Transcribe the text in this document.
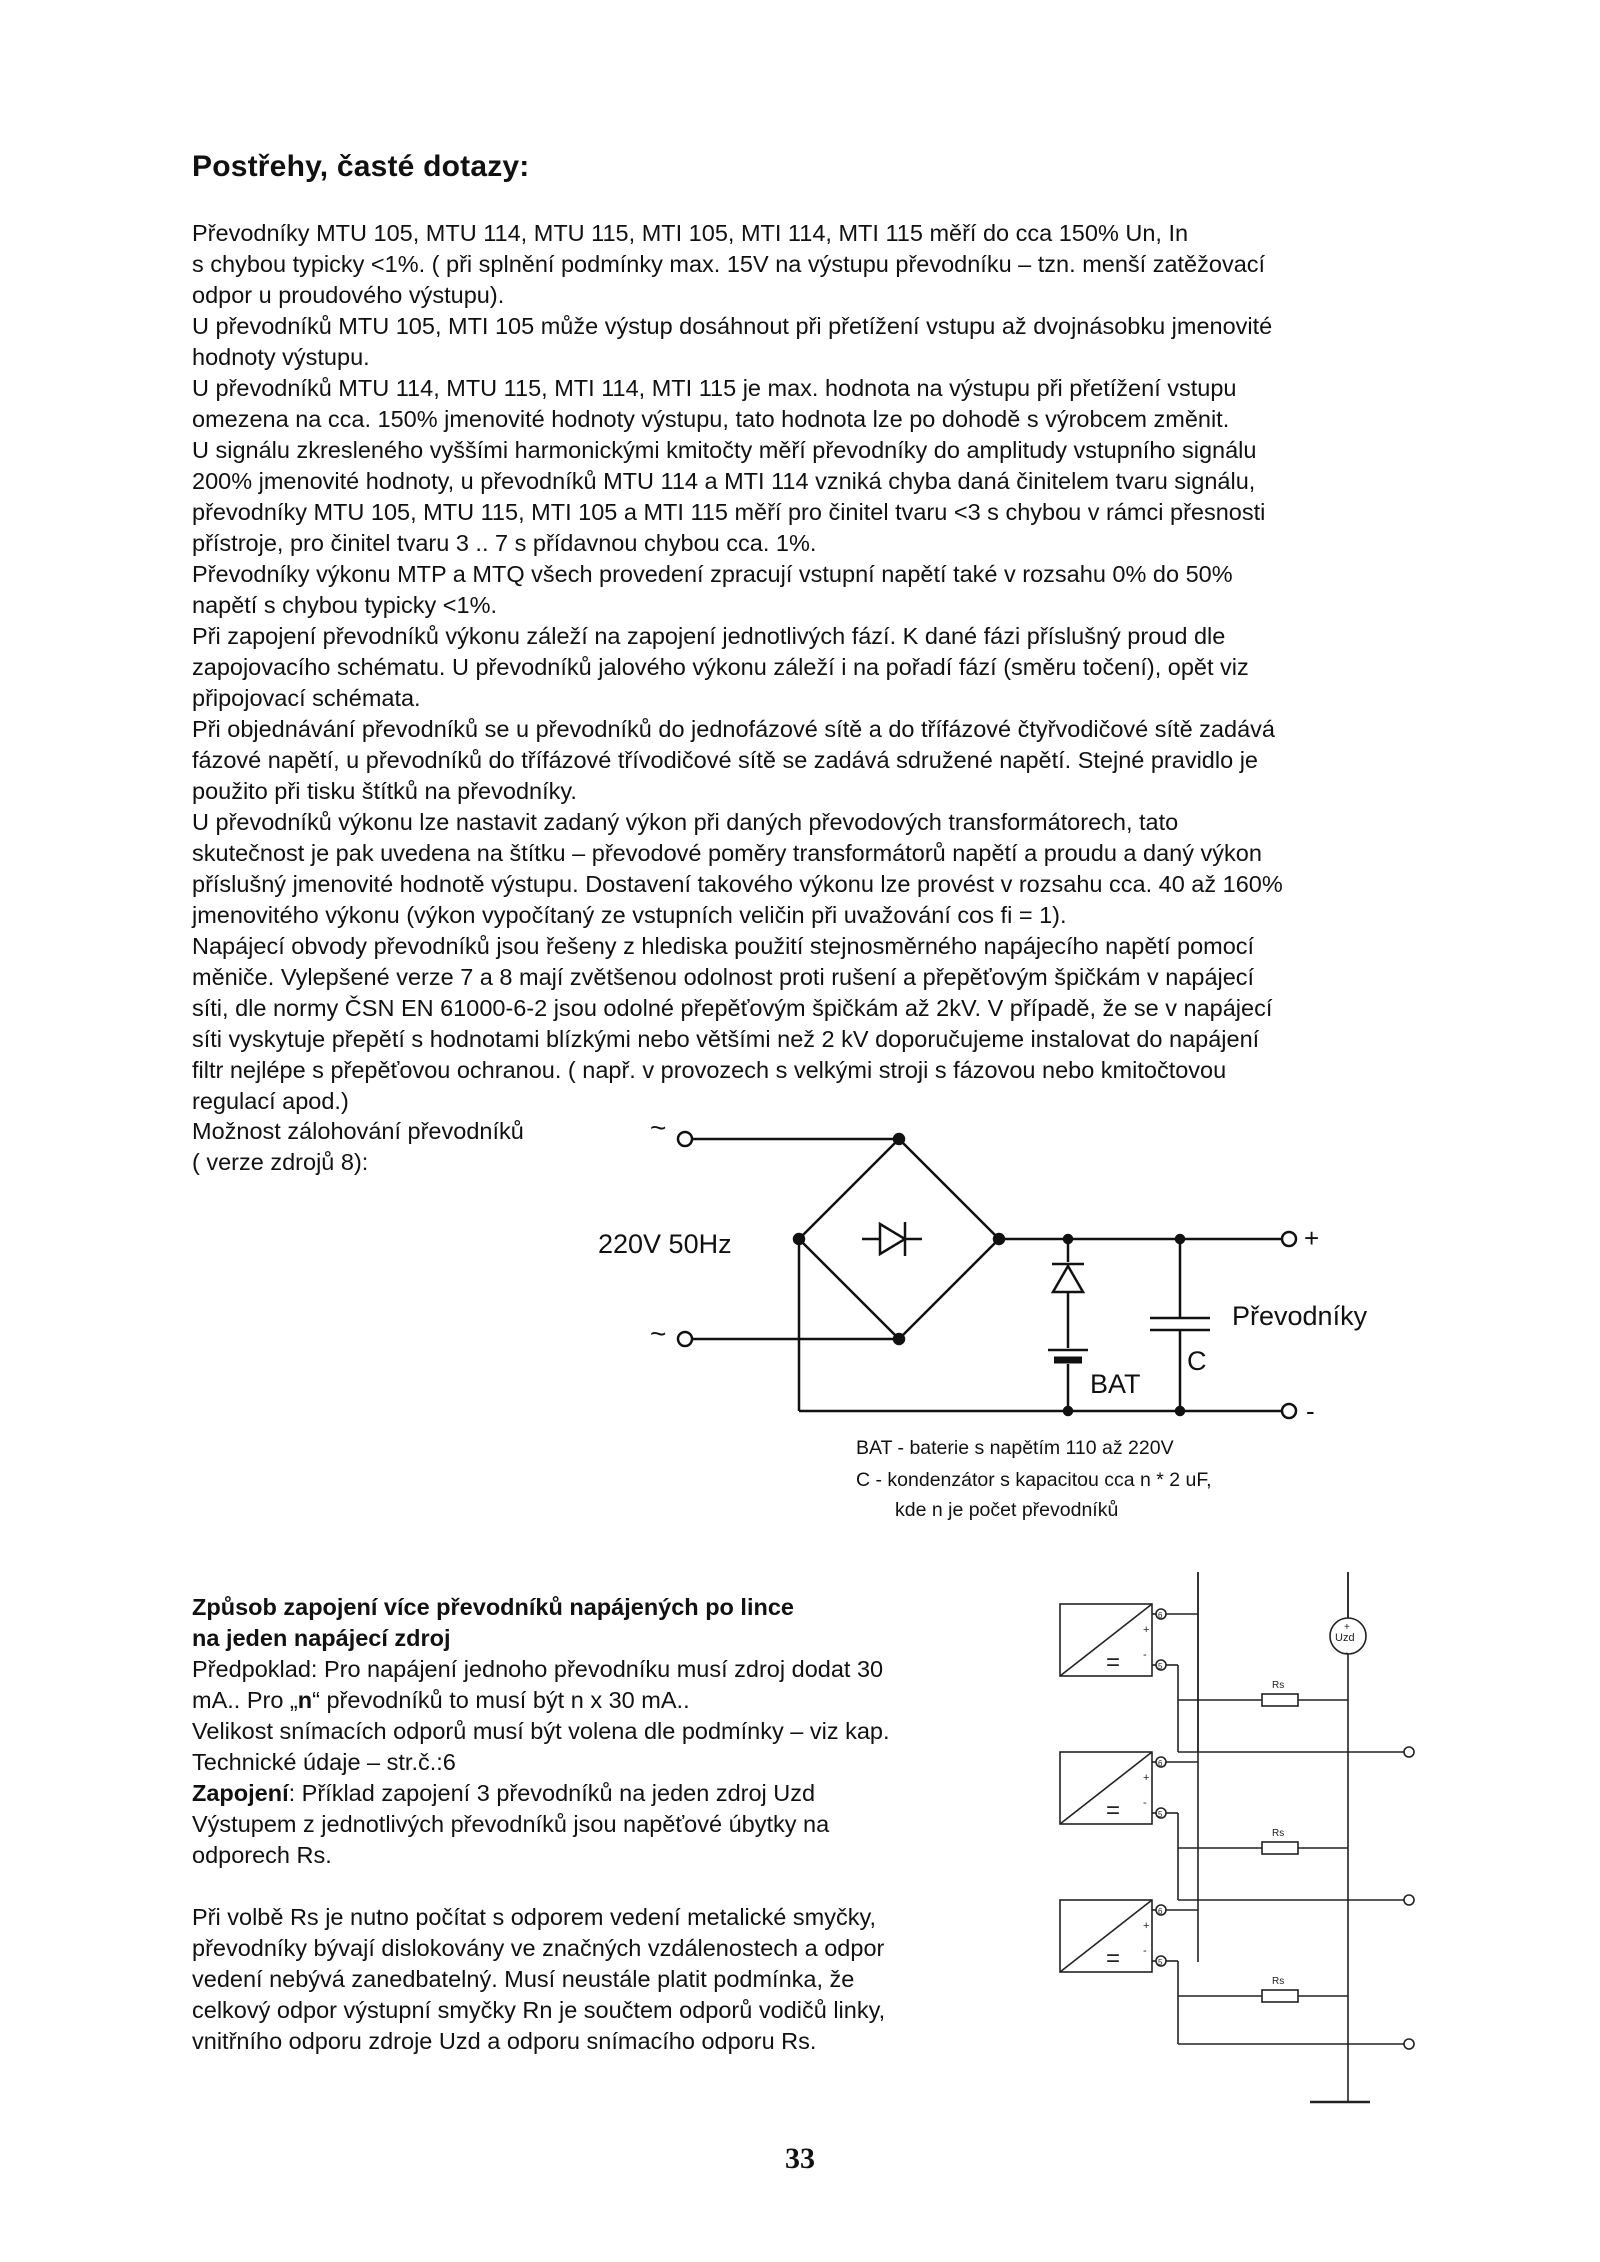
Postřehy, časté dotazy:

Převodníky MTU 105, MTU 114, MTU 115, MTI 105, MTI 114, MTI 115 měří do cca 150% Un, In

s chybou typicky <1%. ( při splnění podmínky max. 15V na výstupu převodníku – tzn. menší zatěžovací

odpor u proudového výstupu).

U převodníků MTU 105, MTI 105 může výstup dosáhnout při přetížení vstupu až dvojnásobku jmenovité

hodnoty výstupu.

U převodníků MTU 114, MTU 115, MTI 114, MTI 115 je max. hodnota na výstupu při přetížení vstupu

omezena na cca. 150% jmenovité hodnoty výstupu, tato hodnota lze po dohodě s výrobcem změnit.

U signálu zkresleného vyššími harmonickými kmitočty měří převodníky do amplitudy vstupního signálu

200% jmenovité hodnoty, u převodníků MTU 114 a MTI 114 vzniká chyba daná činitelem tvaru signálu,

převodníky MTU 105, MTU 115, MTI 105 a MTI 115 měří pro činitel tvaru <3 s chybou v rámci přesnosti

přístroje, pro činitel tvaru 3 .. 7 s přídavnou chybou cca. 1%.

Převodníky výkonu MTP a MTQ všech provedení zpracují vstupní napětí také v rozsahu 0% do 50%

napětí s chybou typicky <1%.

Při zapojení převodníků výkonu záleží na zapojení jednotlivých fází. K dané fázi příslušný proud dle

zapojovacího schématu. U převodníků jalového výkonu záleží i na pořadí fází (směru točení), opět viz

připojovací schémata.

Při objednávání převodníků se u převodníků do jednofázové sítě a do třífázové čtyřvodičové sítě zadává

fázové napětí, u převodníků do třífázové třívodičové sítě se zadává sdružené napětí. Stejné pravidlo je

použito při tisku štítků na převodníky.

U převodníků výkonu lze nastavit zadaný výkon při daných převodových transformátorech, tato

skutečnost je pak uvedena na štítku – převodové poměry transformátorů napětí a proudu a daný výkon

příslušný jmenovité hodnotě výstupu. Dostavení takového výkonu lze provést v rozsahu cca. 40 až 160%

jmenovitého výkonu (výkon vypočítaný ze vstupních veličin při uvažování cos fi = 1).

Napájecí obvody převodníků jsou řešeny z hlediska použití stejnosměrného napájecího napětí pomocí

měniče. Vylepšené verze 7 a 8 mají zvětšenou odolnost proti rušení a přepěťovým špičkám v napájecí

síti, dle normy ČSN EN 61000-6-2 jsou odolné přepěťovým špičkám až 2kV. V případě, že se v napájecí

síti vyskytuje přepětí s hodnotami blízkými nebo většími než 2 kV doporučujeme instalovat do napájení

filtr nejlépe s přepěťovou ochranou. ( např. v provozech s velkými stroji s fázovou nebo kmitočtovou

regulací apod.)

Možnost zálohování převodníků

( verze zdrojů 8):

~
220V 50Hz
~
BAT
C
+
Převodníky
-
BAT - baterie s napětím 110 až 220V
C - kondenzátor s kapacitou cca n * 2 uF,
kde n je počet převodníků

Způsob zapojení více převodníků napájených po lince

na jeden napájecí zdroj

Předpoklad: Pro napájení jednoho převodníku musí zdroj dodat 30

mA.. Pro „n“ převodníků to musí být n x 30 mA..

Velikost snímacích odporů musí být volena dle podmínky – viz kap.

Technické údaje – str.č.:6

Zapojení: Příklad zapojení 3 převodníků na jeden zdroj Uzd

Výstupem z jednotlivých převodníků jsou napěťové úbytky na

odporech Rs.

Při volbě Rs je nutno počítat s odporem vedení metalické smyčky,

převodníky bývají dislokovány ve značných vzdálenostech a odpor

vedení nebývá zanedbatelný. Musí neustále platit podmínka, že

celkový odpor výstupní smyčky Rn je součtem odporů vodičů linky,

vnitřního odporu zdroje Uzd a odporu snímacího odporu Rs.

Uzd
+
-
=
6
5
+
-
Rs
=
6
5
+
-
Rs
=
6
5
+
-
Rs
33
